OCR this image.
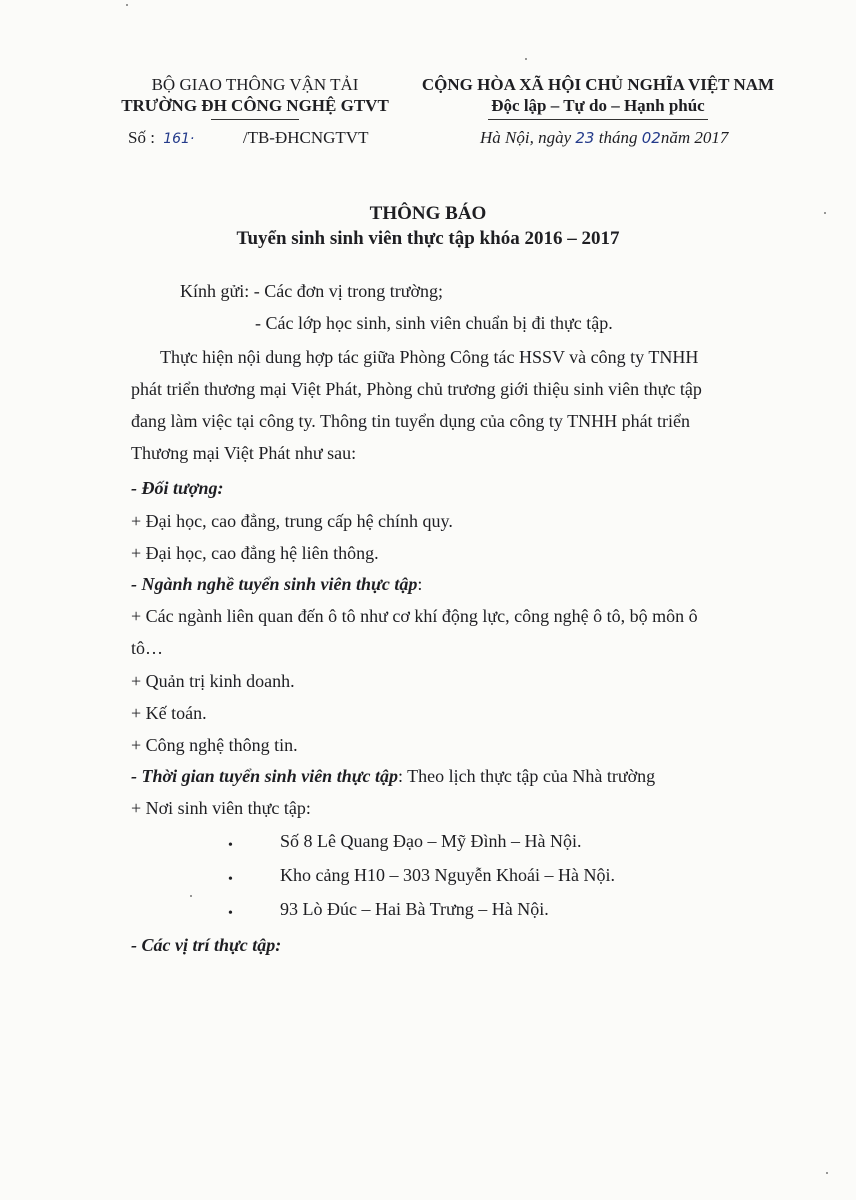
BỘ GIAO THÔNG VẬN TẢI
TRƯỜNG ĐH CÔNG NGHỆ GTVT
CỘNG HÒA XÃ HỘI CHỦ NGHĨA VIỆT NAM
Độc lập – Tự do – Hạnh phúc
Số : 161·	/TB-ĐHCNGTVT	Hà Nội, ngày 23 tháng 02năm 2017
THÔNG BÁO
Tuyển sinh sinh viên thực tập khóa 2016 – 2017
Kính gửi: - Các đơn vị trong trường;
- Các lớp học sinh, sinh viên chuẩn bị đi thực tập.
Thực hiện nội dung hợp tác giữa Phòng Công tác HSSV và công ty TNHH
phát triển thương mại Việt Phát, Phòng chủ trương giới thiệu sinh viên thực tập
đang làm việc tại công ty. Thông tin tuyển dụng của công ty TNHH phát triển
Thương mại Việt Phát như sau:
- Đối tượng:
+ Đại học, cao đẳng, trung cấp hệ chính quy.
+ Đại học, cao đẳng hệ liên thông.
- Ngành nghề tuyển sinh viên thực tập:
+ Các ngành liên quan đến ô tô như cơ khí động lực, công nghệ ô tô, bộ môn ô
tô…
+ Quản trị kinh doanh.
+ Kế toán.
+ Công nghệ thông tin.
- Thời gian tuyển sinh viên thực tập: Theo lịch thực tập của Nhà trường
+ Nơi sinh viên thực tập:
•	Số 8 Lê Quang Đạo – Mỹ Đình – Hà Nội.
•	Kho cảng H10 – 303 Nguyễn Khoái – Hà Nội.
•	93 Lò Đúc – Hai Bà Trưng – Hà Nội.
- Các vị trí thực tập:
